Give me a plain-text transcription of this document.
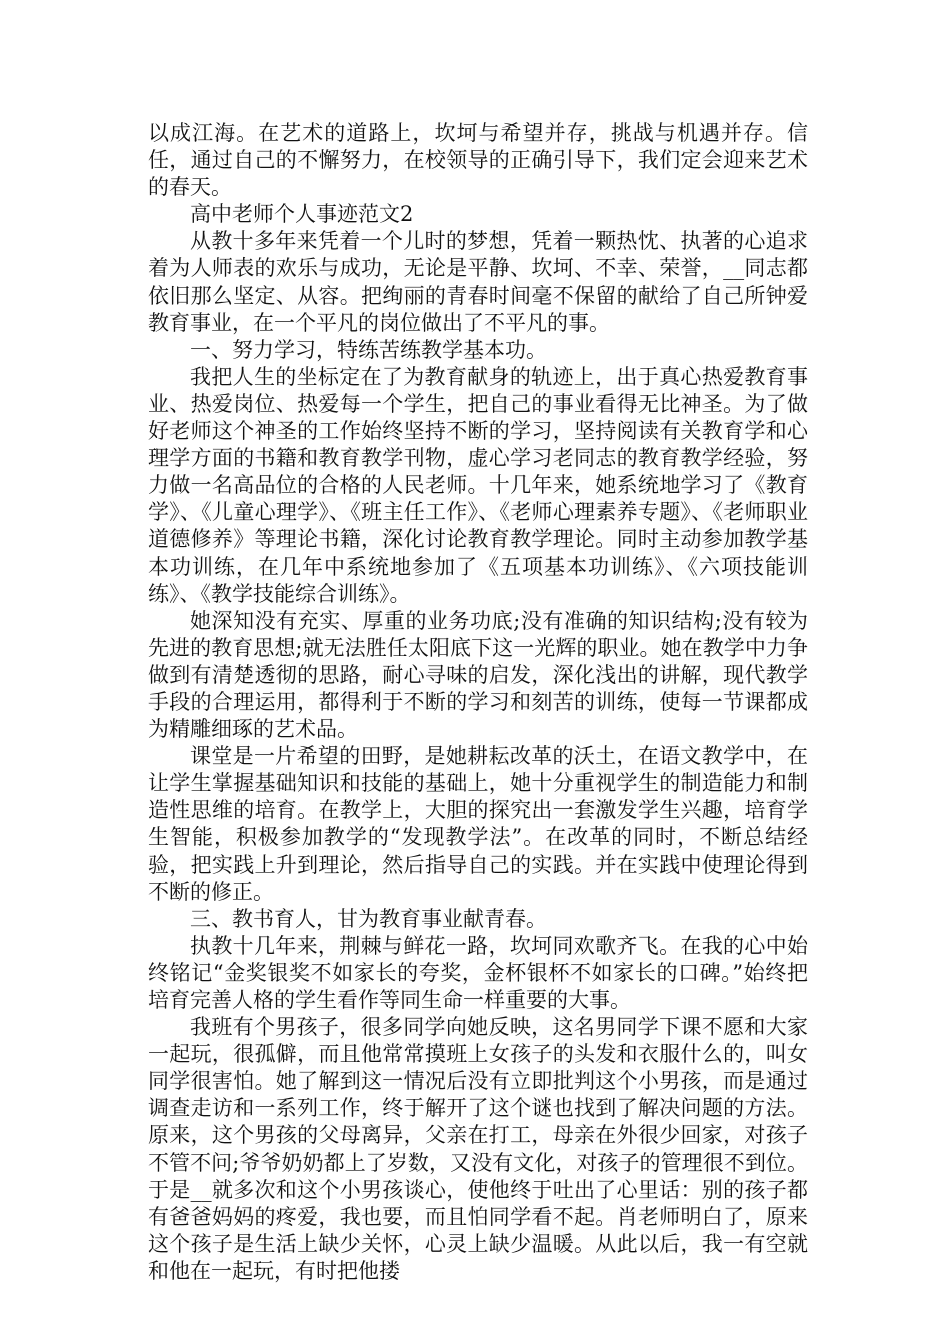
以成江海。在艺术的道路上，坎坷与希望并存，挑战与机遇并存。信任，通过自己的不懈努力，在校领导的正确引导下，我们定会迎来艺术的春天。

高中老师个人事迹范文2

从教十多年来凭着一个儿时的梦想，凭着一颗热忱、执著的心追求着为人师表的欢乐与成功，无论是平静、坎坷、不幸、荣誉，__同志都依旧那么坚定、从容。把绚丽的青春时间毫不保留的献给了自己所钟爱教育事业，在一个平凡的岗位做出了不平凡的事。

一、努力学习，特练苦练教学基本功。

我把人生的坐标定在了为教育献身的轨迹上，出于真心热爱教育事业、热爱岗位、热爱每一个学生，把自己的事业看得无比神圣。为了做好老师这个神圣的工作始终坚持不断的学习，坚持阅读有关教育学和心理学方面的书籍和教育教学刊物，虚心学习老同志的教育教学经验，努力做一名高品位的合格的人民老师。十几年来，她系统地学习了《教育学》、《儿童心理学》、《班主任工作》、《老师心理素养专题》、《老师职业道德修养》等理论书籍，深化讨论教育教学理论。同时主动参加教学基本功训练，在几年中系统地参加了《五项基本功训练》、《六项技能训练》、《教学技能综合训练》。

她深知没有充实、厚重的业务功底;没有准确的知识结构;没有较为先进的教育思想;就无法胜任太阳底下这一光辉的职业。她在教学中力争做到有清楚透彻的思路，耐心寻味的启发，深化浅出的讲解，现代教学手段的合理运用，都得利于不断的学习和刻苦的训练，使每一节课都成为精雕细琢的艺术品。

课堂是一片希望的田野，是她耕耘改革的沃土，在语文教学中，在让学生掌握基础知识和技能的基础上，她十分重视学生的制造能力和制造性思维的培育。在教学上，大胆的探究出一套激发学生兴趣，培育学生智能，积极参加教学的“发现教学法”。在改革的同时，不断总结经验，把实践上升到理论，然后指导自己的实践。并在实践中使理论得到不断的修正。

三、教书育人，甘为教育事业献青春。

执教十几年来，荆棘与鲜花一路，坎坷同欢歌齐飞。在我的心中始终铭记“金奖银奖不如家长的夸奖，金杯银杯不如家长的口碑。”始终把培育完善人格的学生看作等同生命一样重要的大事。

我班有个男孩子，很多同学向她反映，这名男同学下课不愿和大家一起玩，很孤僻，而且他常常摸班上女孩子的头发和衣服什么的，叫女同学很害怕。她了解到这一情况后没有立即批判这个小男孩，而是通过调查走访和一系列工作，终于解开了这个谜也找到了解决问题的方法。原来，这个男孩的父母离异，父亲在打工，母亲在外很少回家，对孩子不管不问;爷爷奶奶都上了岁数，又没有文化，对孩子的管理很不到位。于是__就多次和这个小男孩谈心，使他终于吐出了心里话：别的孩子都有爸爸妈妈的疼爱，我也要，而且怕同学看不起。肖老师明白了，原来这个孩子是生活上缺少关怀，心灵上缺少温暖。从此以后，我一有空就和他在一起玩，有时把他搂
